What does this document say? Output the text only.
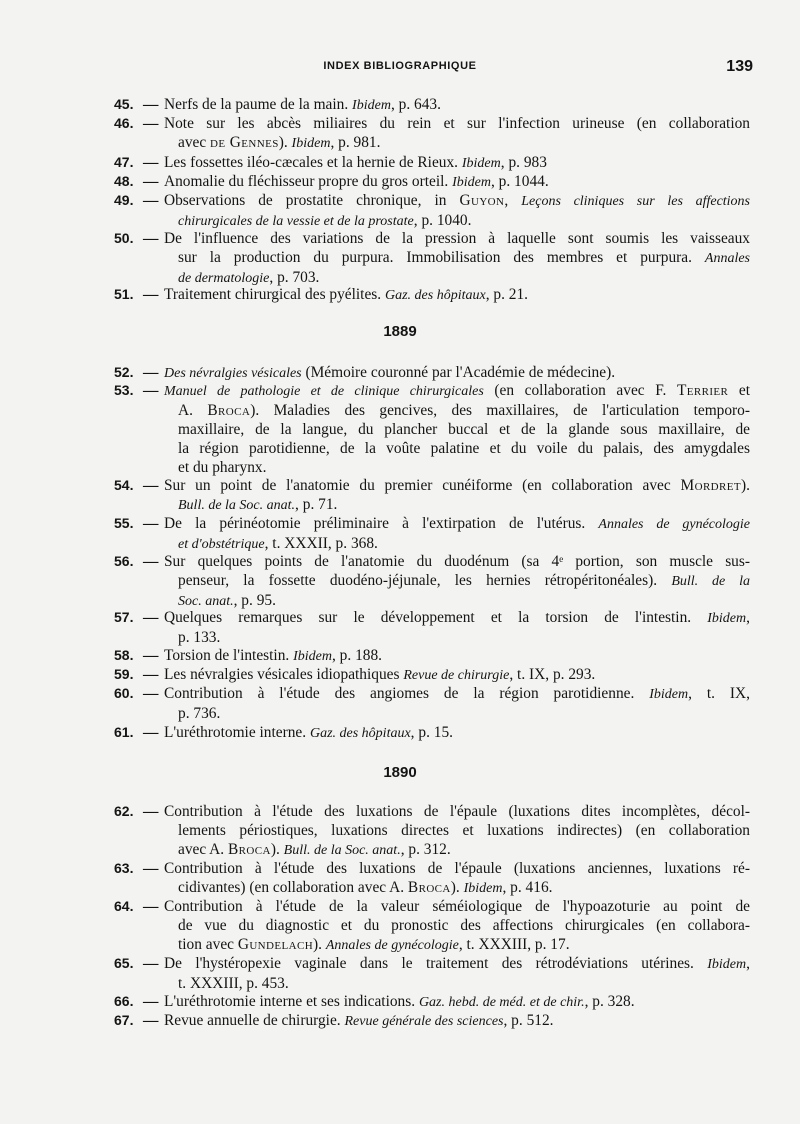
INDEX BIBLIOGRAPHIQUE	139
1889
1890
45. — Nerfs de la paume de la main. Ibidem, p. 643.
46. — Note sur les abcès miliaires du rein et sur l'infection urineuse (en collaboration
avec de Gennes). Ibidem, p. 981.
47. — Les fossettes iléo-cæcales et la hernie de Rieux. Ibidem, p. 983
48. — Anomalie du fléchisseur propre du gros orteil. Ibidem, p. 1044.
49. — Observations de prostatite chronique, in Guyon, Leçons cliniques sur les affections
chirurgicales de la vessie et de la prostate, p. 1040.
50. — De l'influence des variations de la pression à laquelle sont soumis les vaisseaux
sur la production du purpura. Immobilisation des membres et purpura. Annales
de dermatologie, p. 703.
51. — Traitement chirurgical des pyélites. Gaz. des hôpitaux, p. 21.
52. — Des névralgies vésicales (Mémoire couronné par l'Académie de médecine).
53. — Manuel de pathologie et de clinique chirurgicales (en collaboration avec F. Terrier et
A. Broca). Maladies des gencives, des maxillaires, de l'articulation temporo-
maxillaire, de la langue, du plancher buccal et de la glande sous maxillaire, de
la région parotidienne, de la voûte palatine et du voile du palais, des amygdales
et du pharynx.
54. — Sur un point de l'anatomie du premier cunéiforme (en collaboration avec Mordret).
Bull. de la Soc. anat., p. 71.
55. — De la périnéotomie préliminaire à l'extirpation de l'utérus. Annales de gynécologie
et d'obstétrique, t. XXXII, p. 368.
56. — Sur quelques points de l'anatomie du duodénum (sa 4ᵉ portion, son muscle sus-
penseur, la fossette duodéno-jéjunale, les hernies rétropéritonéales). Bull. de la
Soc. anat., p. 95.
57. — Quelques remarques sur le développement et la torsion de l'intestin. Ibidem,
p. 133.
58. — Torsion de l'intestin. Ibidem, p. 188.
59. — Les névralgies vésicales idiopathiques Revue de chirurgie, t. IX, p. 293.
60. — Contribution à l'étude des angiomes de la région parotidienne. Ibidem, t. IX,
p. 736.
61. — L'uréthrotomie interne. Gaz. des hôpitaux, p. 15.
62. — Contribution à l'étude des luxations de l'épaule (luxations dites incomplètes, décol-
lements périostiques, luxations directes et luxations indirectes) (en collaboration
avec A. Broca). Bull. de la Soc. anat., p. 312.
63. — Contribution à l'étude des luxations de l'épaule (luxations anciennes, luxations ré-
cidivantes) (en collaboration avec A. Broca). Ibidem, p. 416.
64. — Contribution à l'étude de la valeur séméiologique de l'hypoazoturie au point de
de vue du diagnostic et du pronostic des affections chirurgicales (en collabora-
tion avec Gundelach). Annales de gynécologie, t. XXXIII, p. 17.
65. — De l'hystéropexie vaginale dans le traitement des rétrodéviations utérines. Ibidem,
t. XXXIII, p. 453.
66. — L'uréthrotomie interne et ses indications. Gaz. hebd. de méd. et de chir., p. 328.
67. — Revue annuelle de chirurgie. Revue générale des sciences, p. 512.
